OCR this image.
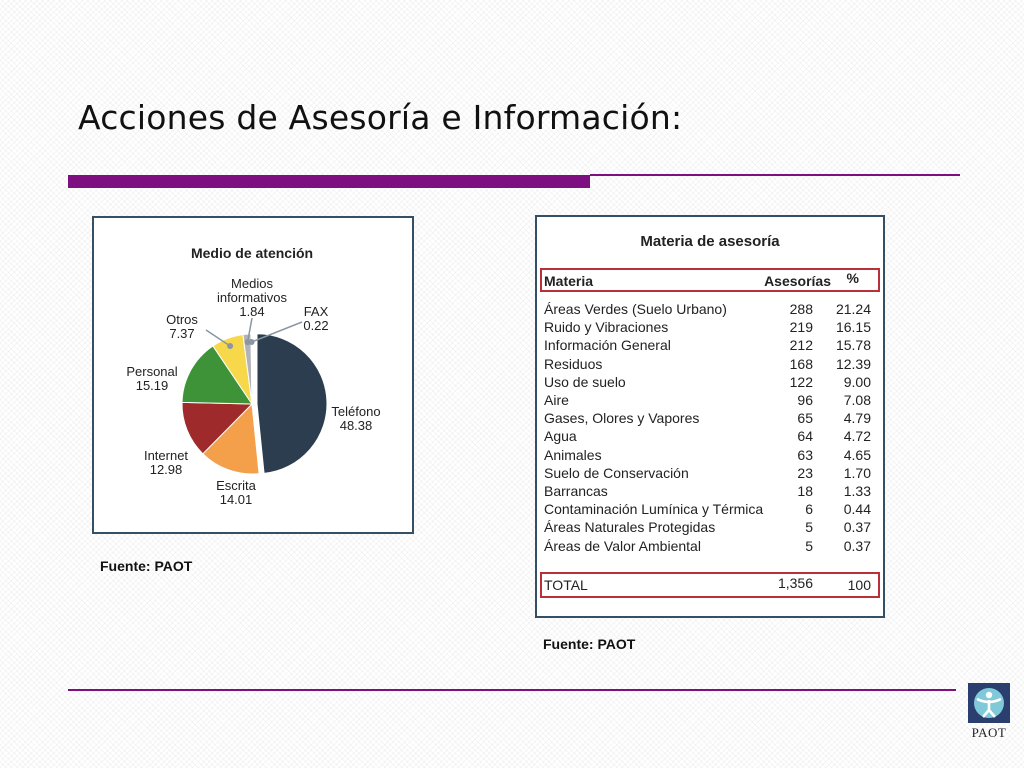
Acciones de Asesoría e Información:
Medio de atención
Teléfono 48.38
Escrita 14.01
Internet 12.98
Personal 15.19
Otros 7.37
Medios informativos 1.84	FAX 0.22
Fuente: PAOT
Materia de asesoría
Materia	Asesorías %
Áreas Verdes (Suelo Urbano)	288 21.24
Ruido y Vibraciones	219 16.15
Información General	212 15.78
Residuos	168 12.39
Uso de suelo	122 9.00
Aire	96 7.08
Gases, Olores y Vapores	65 4.79
Agua	64 4.72
Animales	63 4.65
Suelo de Conservación	23 1.70
Barrancas	18 1.33
Contaminación Lumínica y Térmica	6 0.44
Áreas Naturales Protegidas	5 0.37
Áreas de Valor Ambiental	5 0.37
TOTAL	1,356 100
Fuente: PAOT
PAOT
